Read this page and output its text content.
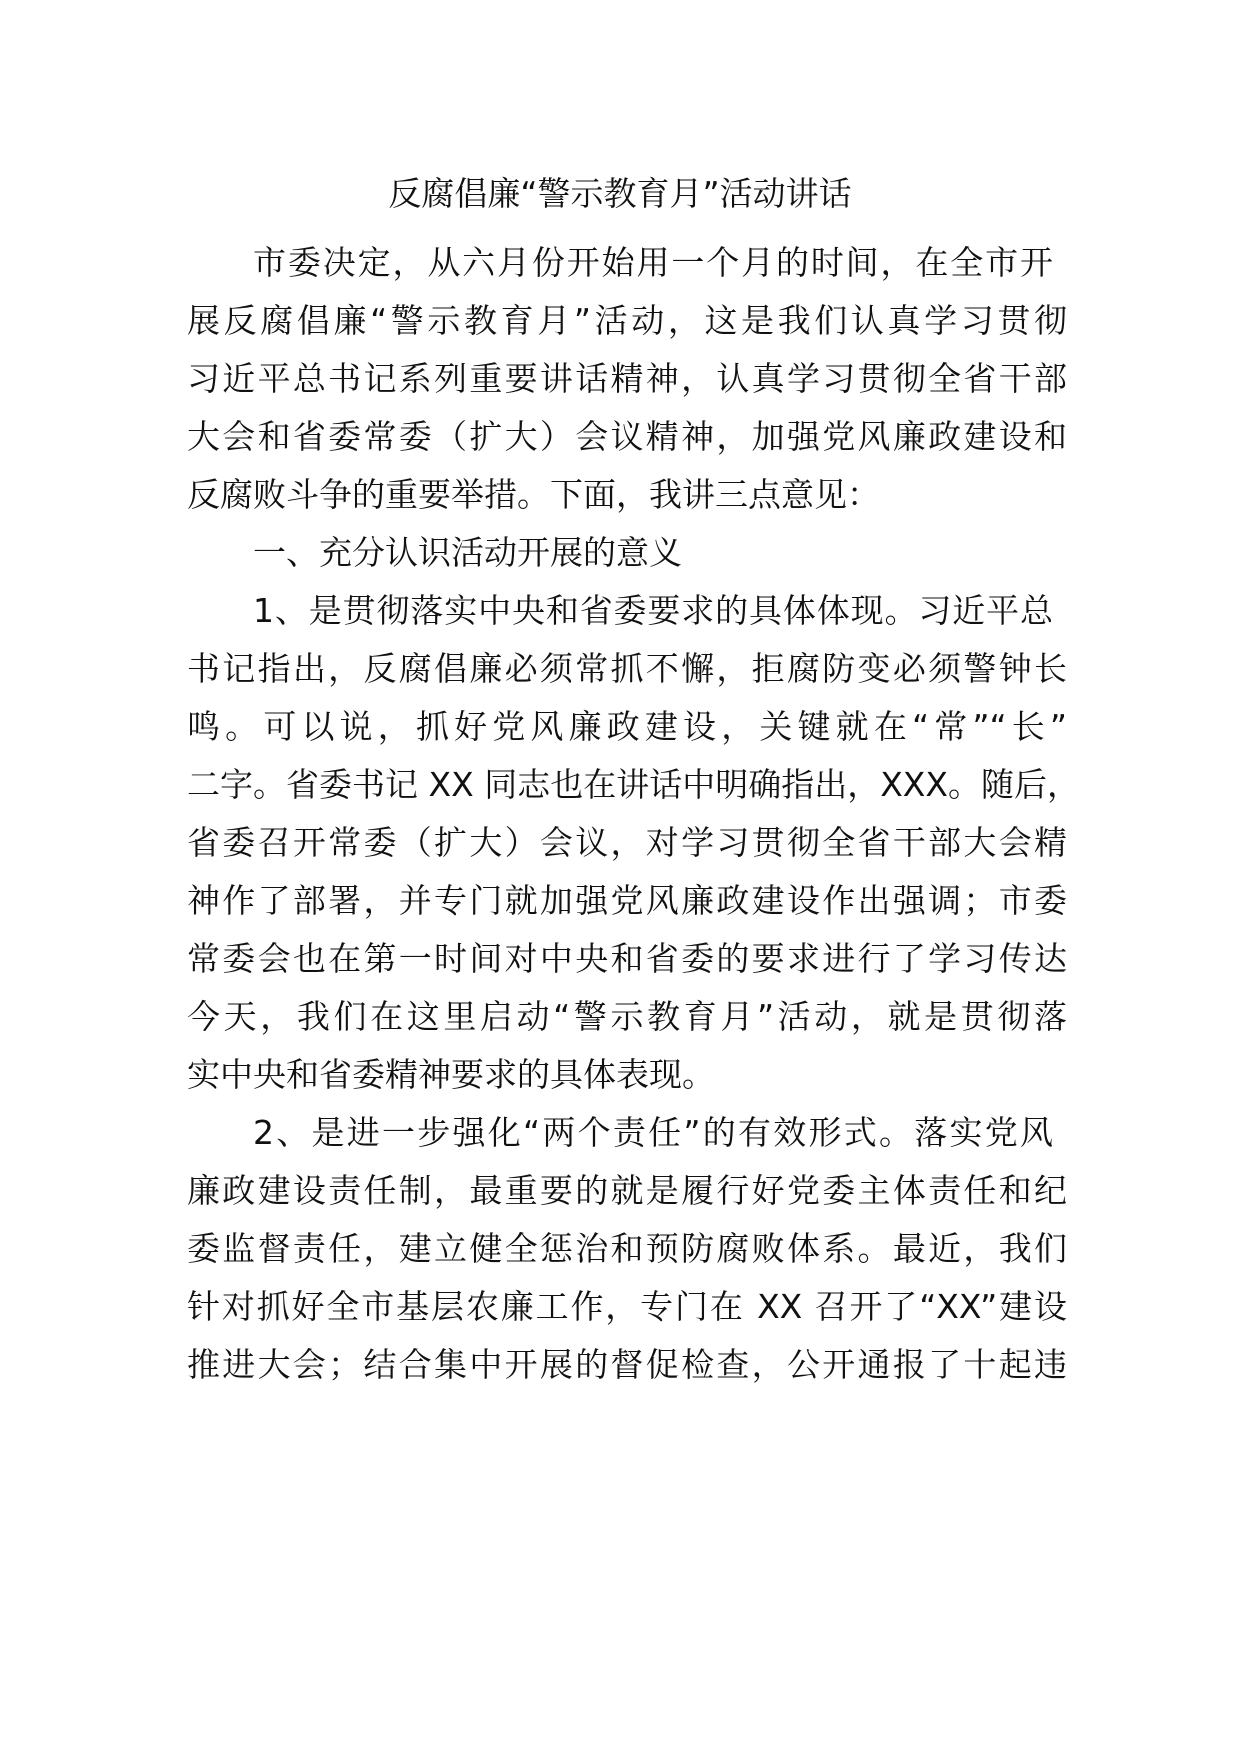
反腐倡廉“警示教育月”活动讲话
市委决定，从六月份开始用一个月的时间，在全市开
展反腐倡廉“警示教育月”活动，这是我们认真学习贯彻
习近平总书记系列重要讲话精神，认真学习贯彻全省干部
大会和省委常委（扩大）会议精神，加强党风廉政建设和
反腐败斗争的重要举措。下面，我讲三点意见：
一、充分认识活动开展的意义
1、是贯彻落实中央和省委要求的具体体现。习近平总
书记指出，反腐倡廉必须常抓不懈，拒腐防变必须警钟长
鸣。可以说，抓好党风廉政建设，关键就在“常”“长”
二字。省委书记 XX 同志也在讲话中明确指出，XXX。随后，
省委召开常委（扩大）会议，对学习贯彻全省干部大会精
神作了部署，并专门就加强党风廉政建设作出强调；市委
常委会也在第一时间对中央和省委的要求进行了学习传达
今天，我们在这里启动“警示教育月”活动，就是贯彻落
实中央和省委精神要求的具体表现。
2、是进一步强化“两个责任”的有效形式。落实党风
廉政建设责任制，最重要的就是履行好党委主体责任和纪
委监督责任，建立健全惩治和预防腐败体系。最近，我们
针对抓好全市基层农廉工作，专门在 XX 召开了“XX”建设
推进大会；结合集中开展的督促检查，公开通报了十起违
